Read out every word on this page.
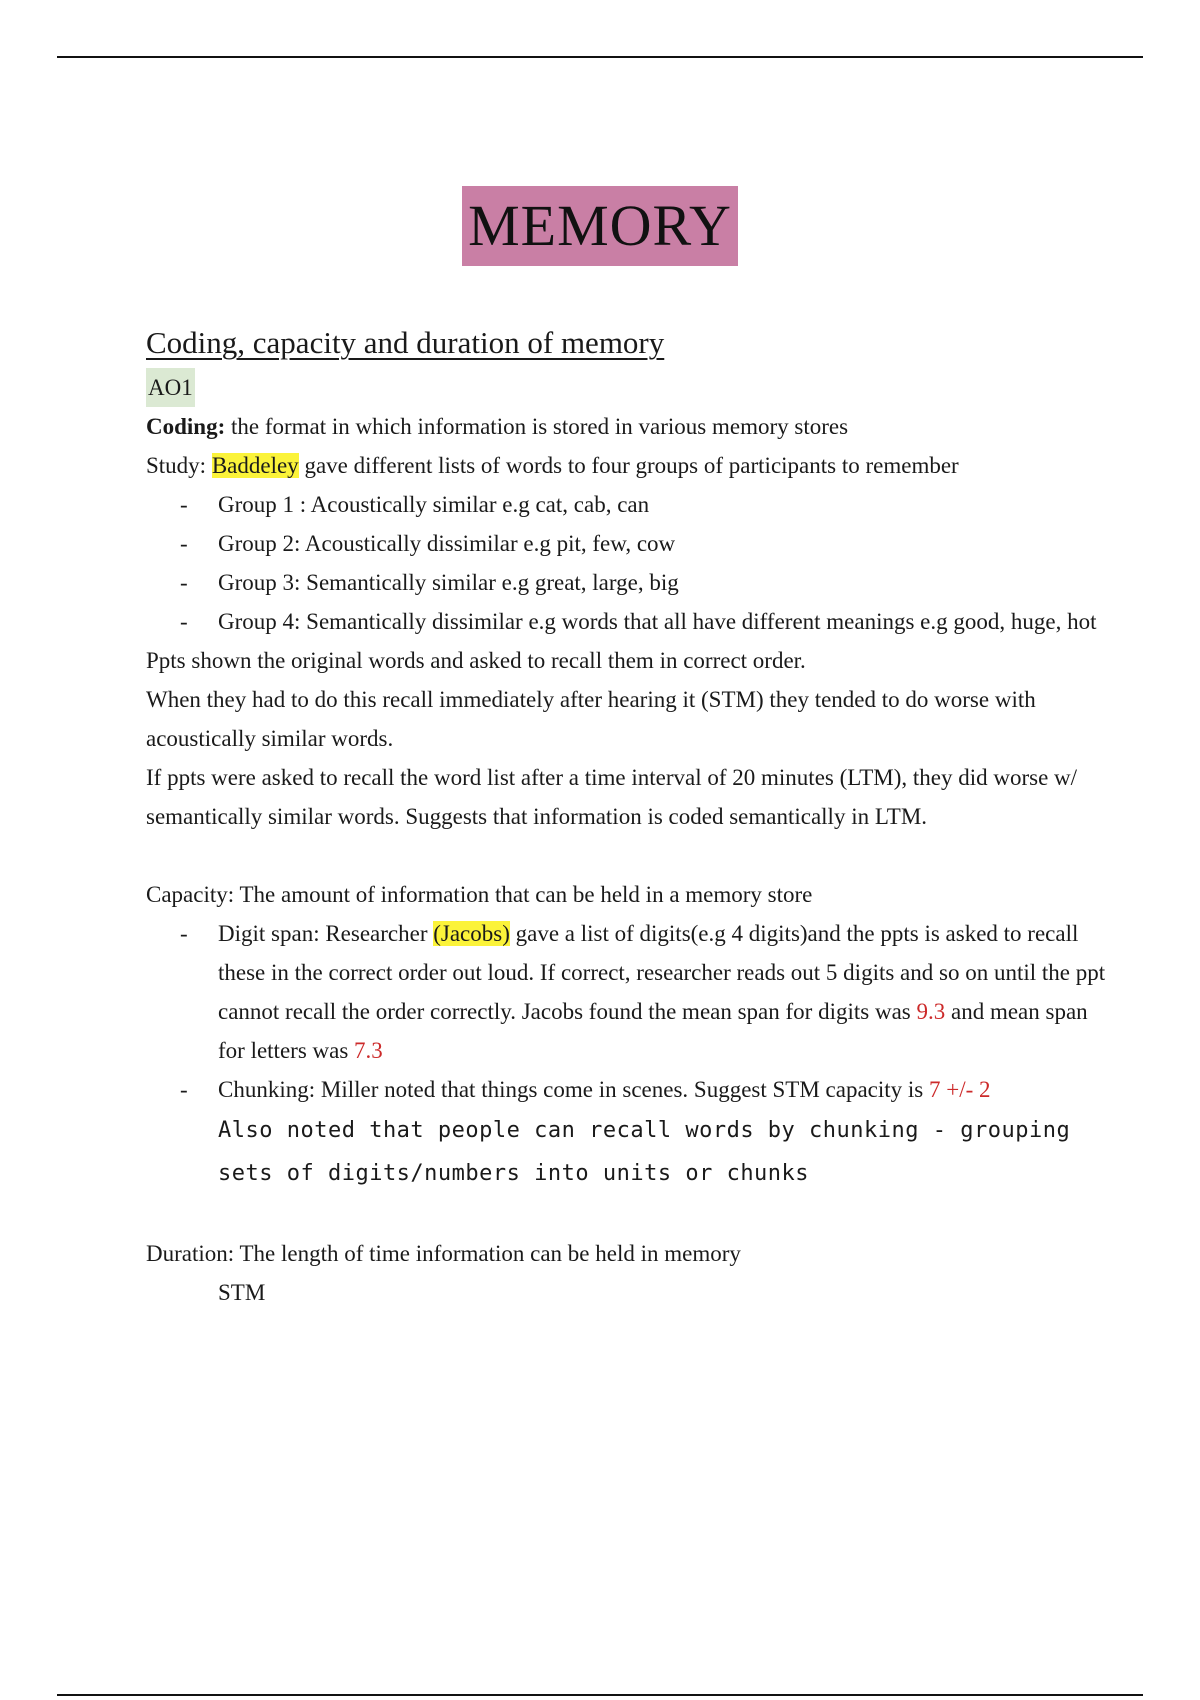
MEMORY
Coding, capacity and duration of memory
AO1

Coding: the format in which information is stored in various memory stores

Study: Baddeley gave different lists of words to four groups of participants to remember

- Group 1 : Acoustically similar e.g cat, cab, can
- Group 2: Acoustically dissimilar e.g pit, few, cow
- Group 3: Semantically similar e.g great, large, big
- Group 4: Semantically dissimilar e.g words that all have different meanings e.g good, huge, hot

Ppts shown the original words and asked to recall them in correct order.

When they had to do this recall immediately after hearing it (STM) they tended to do worse with acoustically similar words.

If ppts were asked to recall the word list after a time interval of 20 minutes (LTM), they did worse w/ semantically similar words. Suggests that information is coded semantically in LTM.

Capacity: The amount of information that can be held in a memory store

- Digit span: Researcher (Jacobs) gave a list of digits(e.g 4 digits)and the ppts is asked to recall these in the correct order out loud. If correct, researcher reads out 5 digits and so on until the ppt cannot recall the order correctly. Jacobs found the mean span for digits was 9.3 and mean span for letters was 7.3
- Chunking: Miller noted that things come in scenes. Suggest STM capacity is 7 +/- 2
Also noted that people can recall words by chunking - grouping sets of digits/numbers into units or chunks

Duration: The length of time information can be held in memory

STM
